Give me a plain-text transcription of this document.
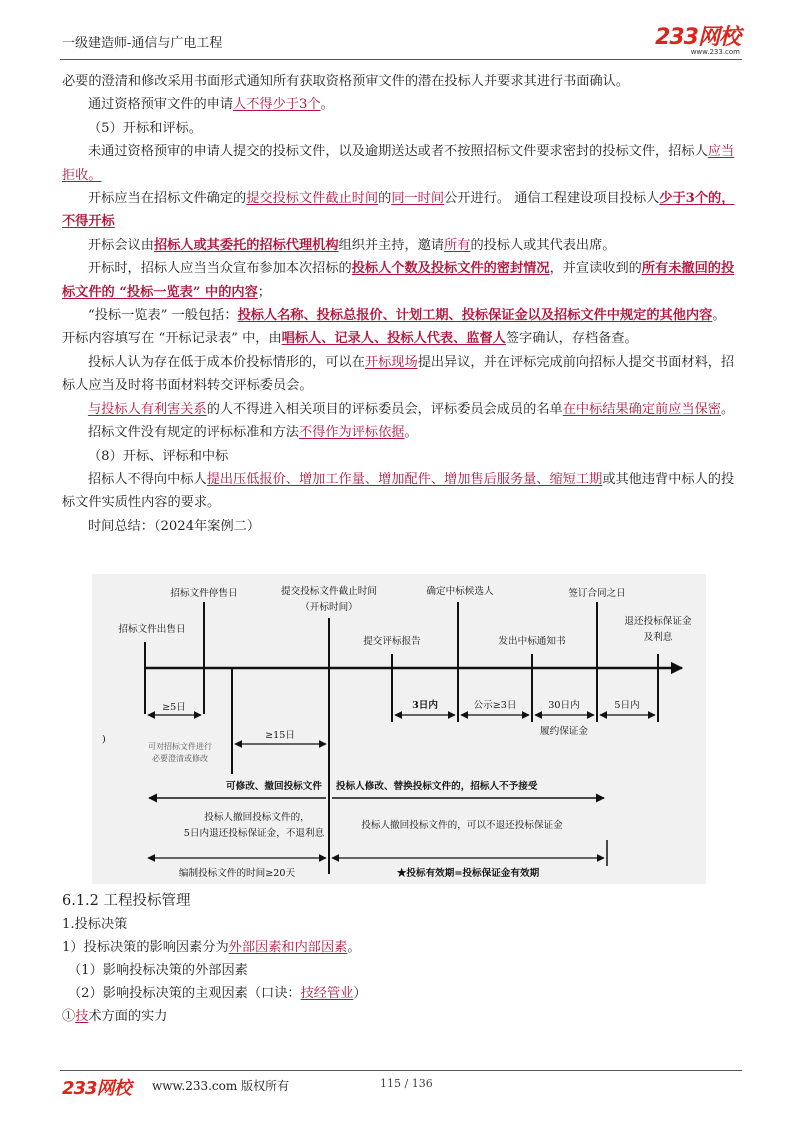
一级建造师-通信与广电工程	233网校
www.233.com

必要的澄清和修改采用书面形式通知所有获取资格预审文件的潜在投标人并要求其进行书面确认。

通过资格预审文件的申请人不得少于3个。

（5）开标和评标。

未通过资格预审的申请人提交的投标文件，以及逾期送达或者不按照招标文件要求密封的投标文件，招标人应当拒收。

开标应当在招标文件确定的提交投标文件截止时间的同一时间公开进行。 通信工程建设项目投标人少于3个的，不得开标

开标会议由招标人或其委托的招标代理机构组织并主持，邀请所有的投标人或其代表出席。

开标时，招标人应当当众宣布参加本次招标的投标人个数及投标文件的密封情况，并宣读收到的所有未撤回的投标文件的 “投标一览表” 中的内容；

“投标一览表” 一般包括：投标人名称、投标总报价、计划工期、投标保证金以及招标文件中规定的其他内容。 开标内容填写在 “开标记录表” 中，由唱标人、记录人、投标人代表、监督人签字确认，存档备查。

投标人认为存在低于成本价投标情形的，可以在开标现场提出异议，并在评标完成前向招标人提交书面材料，招标人应当及时将书面材料转交评标委员会。

与投标人有利害关系的人不得进入相关项目的评标委员会，评标委员会成员的名单在中标结果确定前应当保密。

招标文件没有规定的评标标准和方法不得作为评标依据。

（8）开标、评标和中标

招标人不得向中标人提出压低报价、增加工作量、增加配件、增加售后服务量、缩短工期或其他违背中标人的投标文件实质性内容的要求。

时间总结：（2024年案例二）

招标文件停售日
招标文件出售日
提交投标文件截止时间
（开标时间）
提交评标报告
确定中标候选人
发出中标通知书
签订合同之日
退还投标保证金
及利息
≥5日
可对招标文件进行
必要澄清或修改
≥15日
3日内	公示≥3日	30日内	5日内
履约保证金
)
可修改、撤回投标文件 投标人修改、替换投标文件的，招标人不予接受
投标人撤回投标文件的，
5日内退还投标保证金，不退利息
投标人撤回投标文件的，可以不退还投标保证金
编制投标文件的时间≥20天	★投标有效期=投标保证金有效期
6.1.2 工程投标管理
1.投标决策
1）投标决策的影响因素分为外部因素和内部因素。
（1）影响投标决策的外部因素
（2）影响投标决策的主观因素（口诀：技经管业）
①技术方面的实力
233网校 www.233.com 版权所有	115 / 136
